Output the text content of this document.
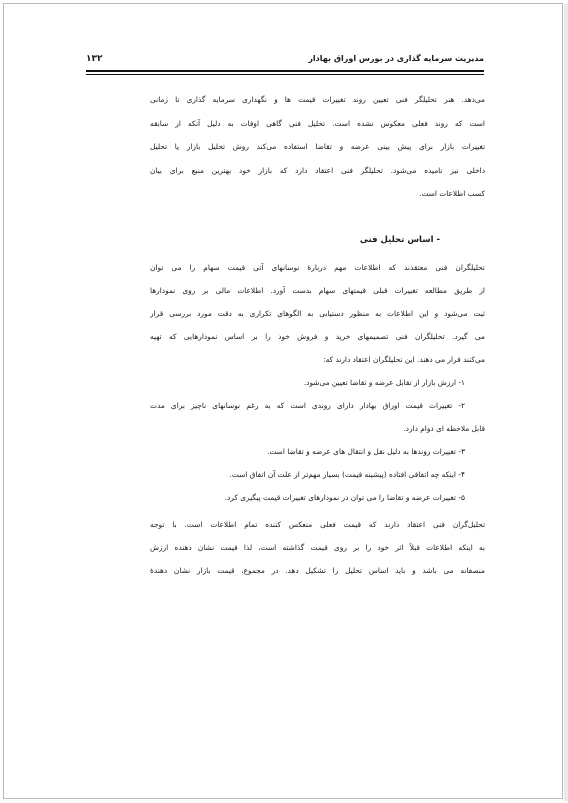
مدیریت سرمایه گذاری در بورس اوراق بهادار
۱۳۲
می‌دهد. هنر تحلیلگر فنی تعیین روند تغییرات قیمت ها و نگهداری سرمایه گذاری تا زمانی
است که روند فعلی معکوس نشده است. تحلیل فنی گاهی اوقات به دلیل آنکه از سابقه
تغییرات بازار برای پیش بینی عرضه و تقاضا استفاده می‌کند روش تحلیل بازار یا تحلیل
داخلی نیز نامیده می‌شود. تحلیلگر فنی اعتقاد دارد که بازار خود بهترین منبع برای بیان
کسب اطلاعات است.
- اساس تحلیل فنی
تحلیلگران فنی معتقدند که اطلاعات مهم دربارهٔ نوسانهای آتی قیمت سهام را می توان
از طریق مطالعه تغییرات قبلی قیمتهای سهام بدست آورد. اطلاعات مالی بر روی نمودارها
ثبت می‌شود و این اطلاعات به منظور دستیابی به الگوهای تکراری به دقت مورد بررسی قرار
می گیرد. تحلیلگران فنی تصمیمهای خرید و فروش خود را بر اساس نمودارهایی که تهیه
می‌کنند قرار می دهند. این تحلیلگران اعتقاد دارند که:
۱- ارزش بازار از تقابل عرضه و تقاضا تعیین می‌شود.
۲- تغییرات قیمت اوراق بهادار دارای روندی است که به رغم نوسانهای ناچیز برای مدت
قابل ملاحظه ای دوام دارد.
۳- تغییرات روندها به دلیل نقل و انتقال های عرضه و تقاضا است.
۴- اینکه چه اتفاقی افتاده (پیشینه قیمت) بسیار مهم‌تر از علت آن اتفاق است.
۵- تغییرات عرضه و تقاضا را می توان در نمودارهای تغییرات قیمت پیگیری کرد.
تحلیل‌گران فنی اعتقاد دارند که قیمت فعلی منعکس کننده تمام اطلاعات است. با توجه
به اینکه اطلاعات قبلاً اثر خود را بر روی قیمت گذاشته است، لذا قیمت نشان دهنده ارزش
منصفانه می باشد و باید اساس تحلیل را تشکیل دهد. در مجموع، قیمت بازار نشان دهندهٔ
